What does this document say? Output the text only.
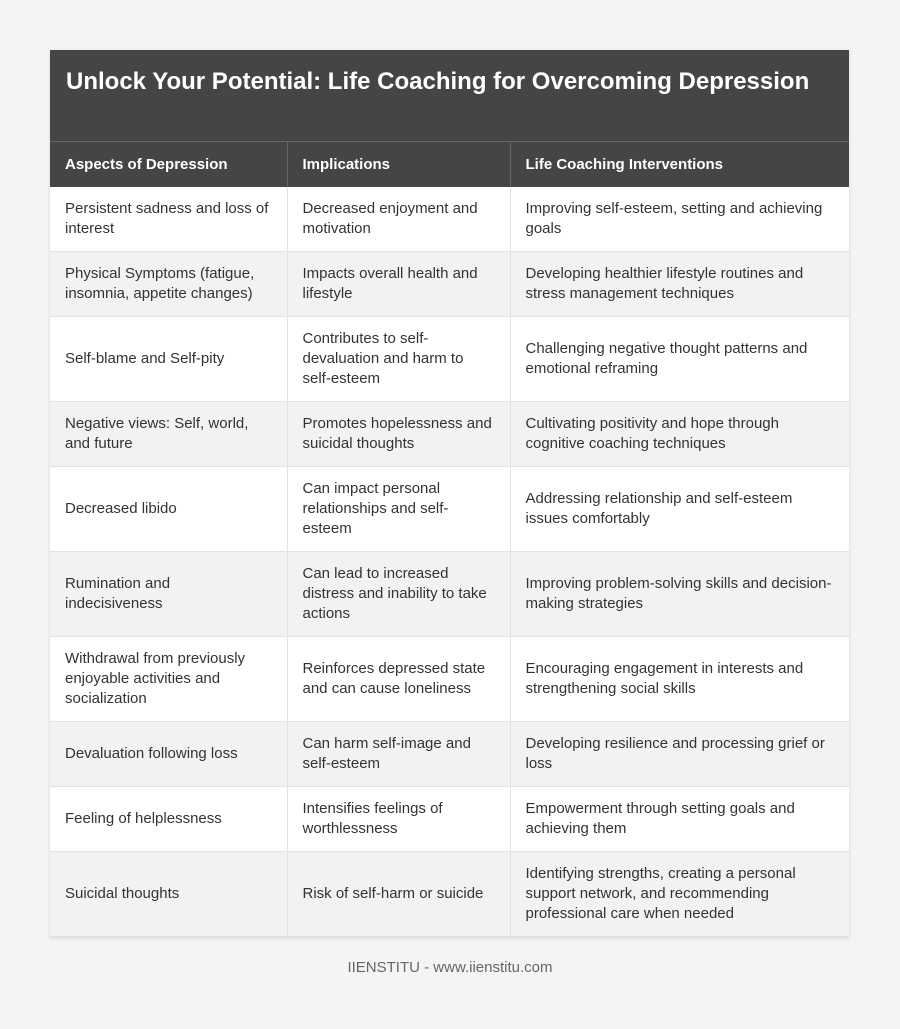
Unlock Your Potential: Life Coaching for Overcoming Depression
Aspects of Depression	Implications	Life Coaching Interventions
Persistent sadness and loss of interest	Decreased enjoyment and motivation	Improving self-esteem, setting and achieving goals
Physical Symptoms (fatigue, insomnia, appetite changes)	Impacts overall health and lifestyle	Developing healthier lifestyle routines and stress management techniques
Self-blame and Self-pity	Contributes to self-devaluation and harm to self-esteem	Challenging negative thought patterns and emotional reframing
Negative views: Self, world, and future	Promotes hopelessness and suicidal thoughts	Cultivating positivity and hope through cognitive coaching techniques
Decreased libido	Can impact personal relationships and self-esteem	Addressing relationship and self-esteem issues comfortably
Rumination and indecisiveness	Can lead to increased distress and inability to take actions	Improving problem-solving skills and decision-making strategies
Withdrawal from previously enjoyable activities and socialization	Reinforces depressed state and can cause loneliness	Encouraging engagement in interests and strengthening social skills
Devaluation following loss	Can harm self-image and self-esteem	Developing resilience and processing grief or loss
Feeling of helplessness	Intensifies feelings of worthlessness	Empowerment through setting goals and achieving them
Suicidal thoughts	Risk of self-harm or suicide	Identifying strengths, creating a personal support network, and recommending professional care when needed
IIENSTITU - www.iienstitu.com
